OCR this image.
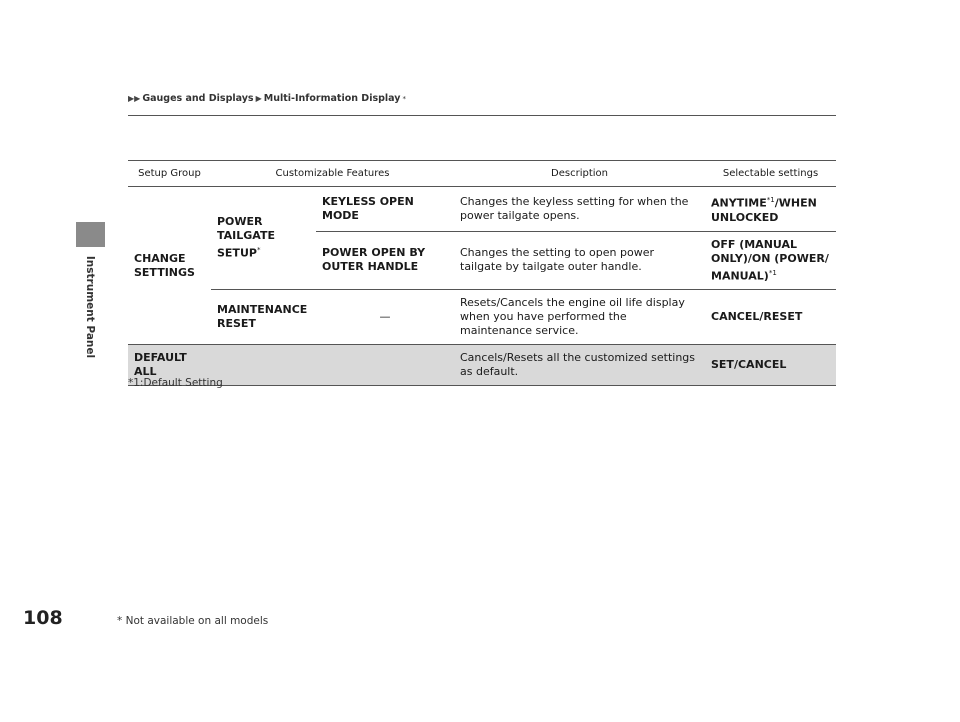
Instrument Panel
▶▶ Gauges and Displays ▶ Multi-Information Display *
Setup Group	Customizable Features		Description	Selectable settings
CHANGE SETTINGS	POWER TAILGATE SETUP*	KEYLESS OPEN MODE	Changes the keyless setting for when the power tailgate opens.	ANYTIME$^{*1}$/WHEN UNLOCKED
		POWER OPEN BY OUTER HANDLE	Changes the setting to open power tailgate by tailgate outer handle.	OFF (MANUAL ONLY)/ON (POWER/ MANUAL)$^{*1}$
	MAINTENANCE RESET	—	Resets/Cancels the engine oil life display when you have performed the maintenance service.	CANCEL/RESET
DEFAULT ALL			Cancels/Resets all the customized settings as default.	SET/CANCEL
*1:Default Setting
108	* Not available on all models
